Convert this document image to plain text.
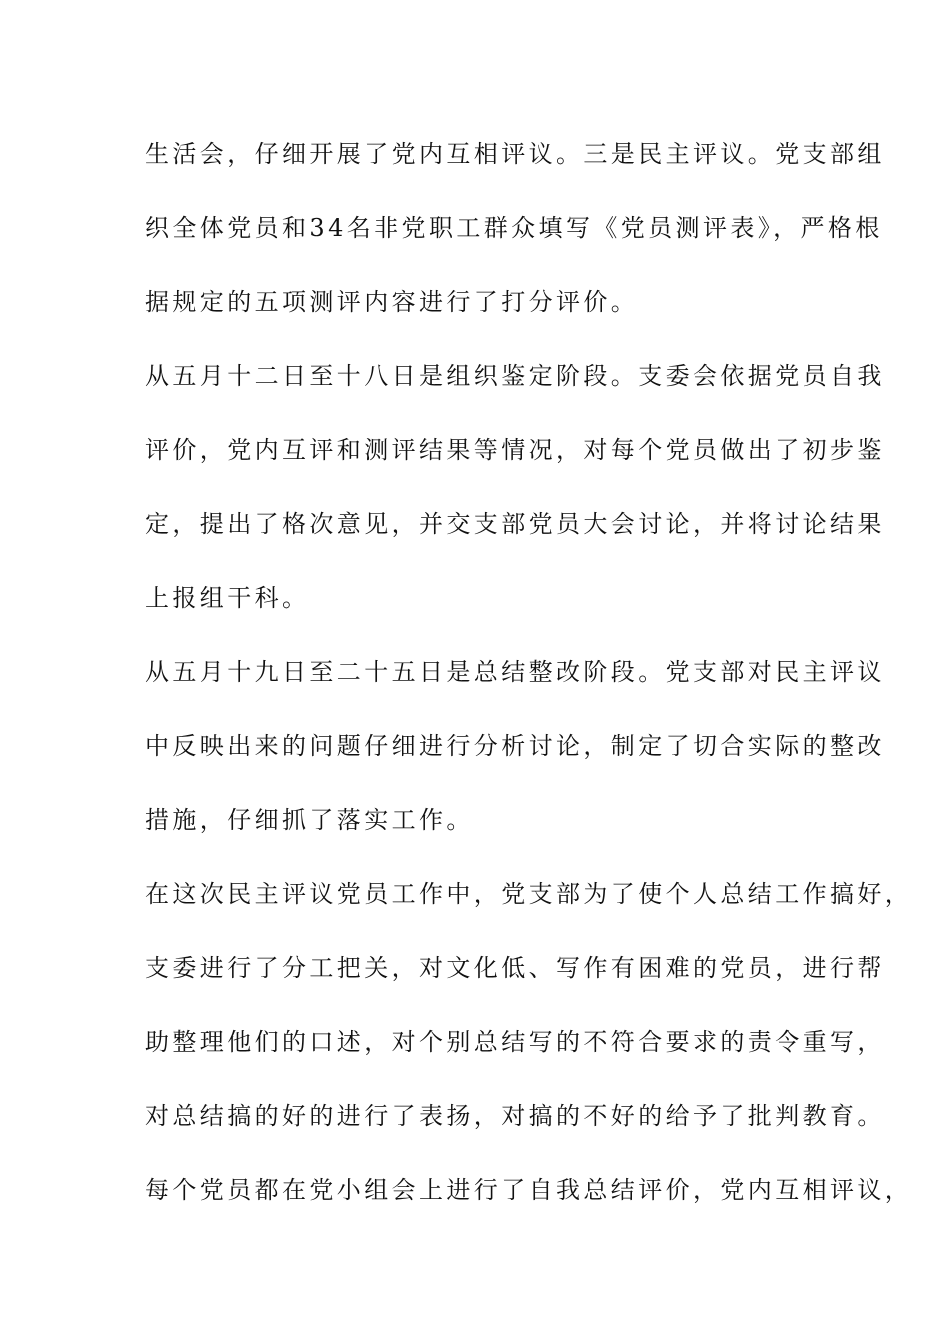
生活会，仔细开展了党内互相评议。三是民主评议。党支部组
织全体党员和34名非党职工群众填写《党员测评表》，严格根
据规定的五项测评内容进行了打分评价。
从五月十二日至十八日是组织鉴定阶段。支委会依据党员自我
评价，党内互评和测评结果等情况，对每个党员做出了初步鉴
定，提出了格次意见，并交支部党员大会讨论，并将讨论结果
上报组干科。
从五月十九日至二十五日是总结整改阶段。党支部对民主评议
中反映出来的问题仔细进行分析讨论，制定了切合实际的整改
措施，仔细抓了落实工作。
在这次民主评议党员工作中，党支部为了使个人总结工作搞好，
支委进行了分工把关，对文化低、写作有困难的党员，进行帮
助整理他们的口述，对个别总结写的不符合要求的责令重写，
对总结搞的好的进行了表扬，对搞的不好的给予了批判教育。
每个党员都在党小组会上进行了自我总结评价，党内互相评议，
